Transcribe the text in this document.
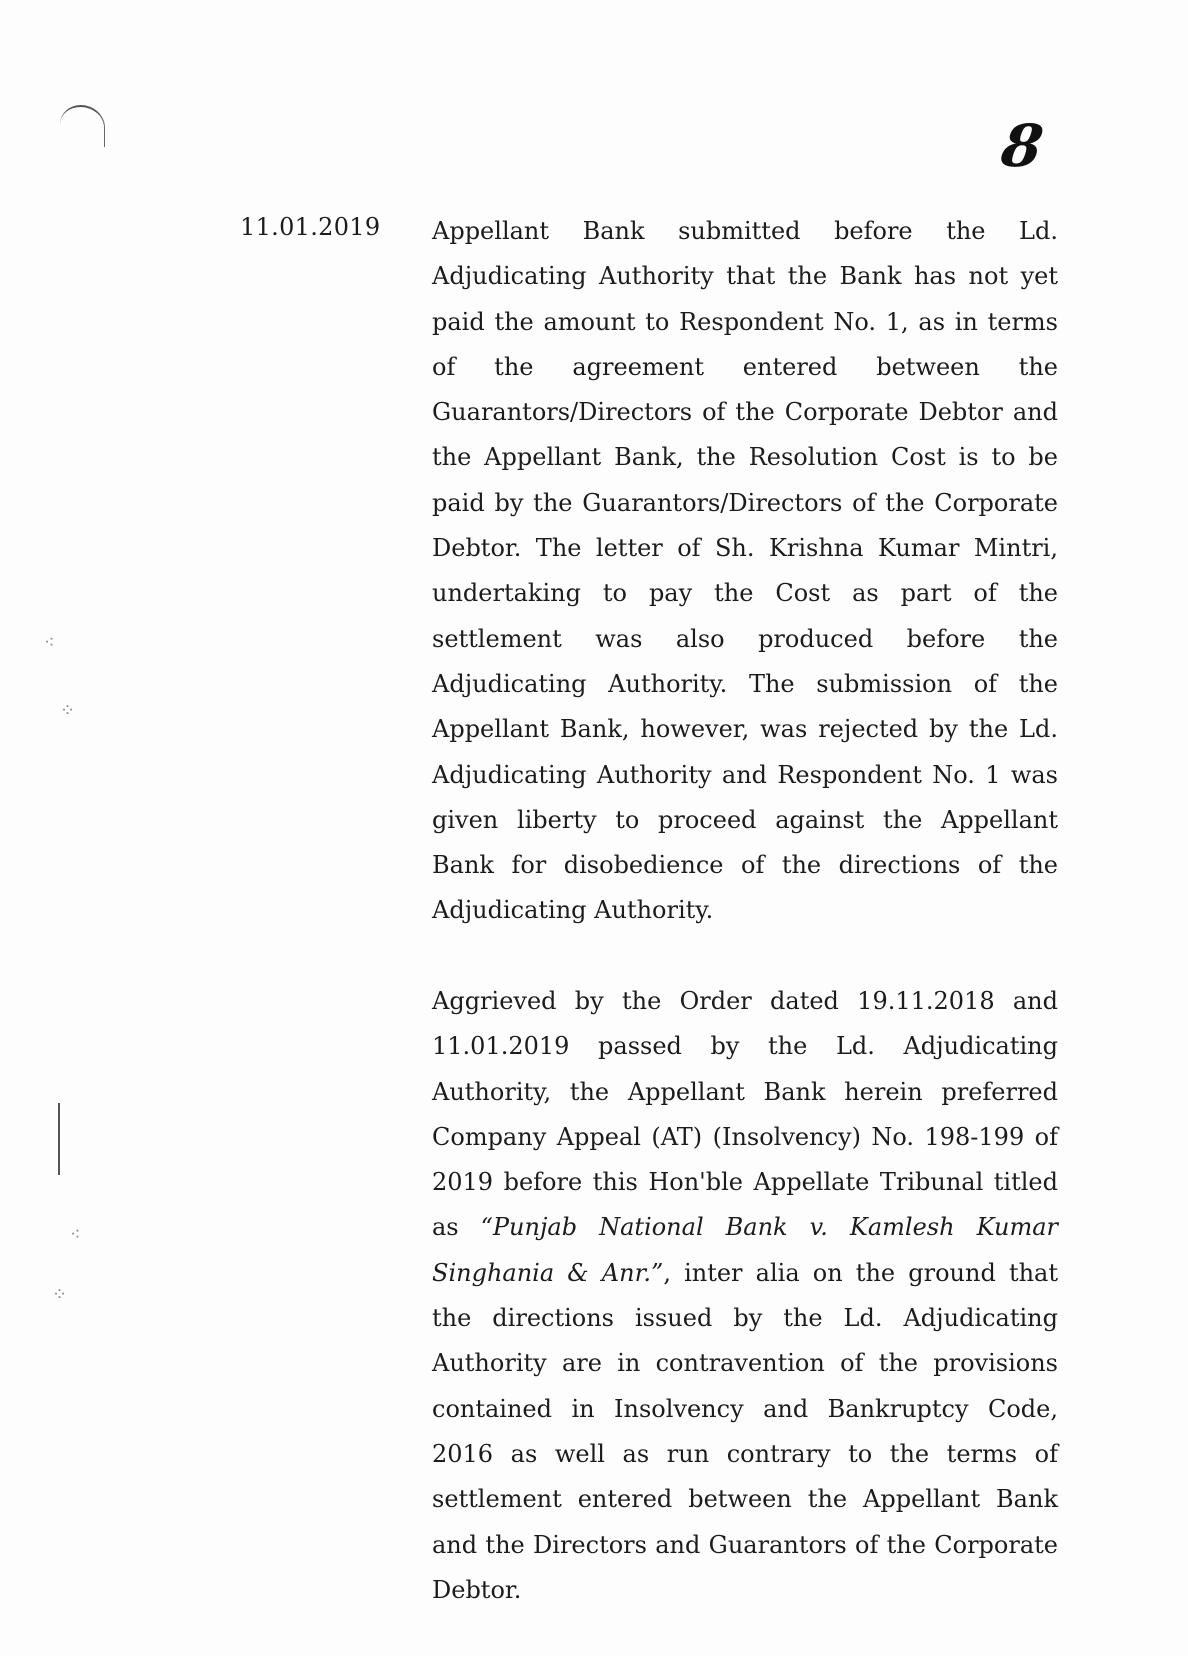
⁖
⁘
⁖
⁘
8
11.01.2019 Appellant Bank submitted before the Ld. Adjudicating Authority that the Bank has not yet paid the amount to Respondent No. 1, as in terms of the agreement entered between the Guarantors/Directors of the Corporate Debtor and the Appellant Bank, the Resolution Cost is to be paid by the Guarantors/Directors of the Corporate Debtor. The letter of Sh. Krishna Kumar Mintri, undertaking to pay the Cost as part of the settlement was also produced before the Adjudicating Authority. The submission of the Appellant Bank, however, was rejected by the Ld. Adjudicating Authority and Respondent No. 1 was given liberty to proceed against the Appellant Bank for disobedience of the directions of the Adjudicating Authority.

Aggrieved by the Order dated 19.11.2018 and 11.01.2019 passed by the Ld. Adjudicating Authority, the Appellant Bank herein preferred Company Appeal (AT) (Insolvency) No. 198-199 of 2019 before this Hon'ble Appellate Tribunal titled as “Punjab National Bank v. Kamlesh Kumar Singhania & Anr.”, inter alia on the ground that the directions issued by the Ld. Adjudicating Authority are in contravention of the provisions contained in Insolvency and Bankruptcy Code, 2016 as well as run contrary to the terms of settlement entered between the Appellant Bank and the Directors and Guarantors of the Corporate Debtor.
